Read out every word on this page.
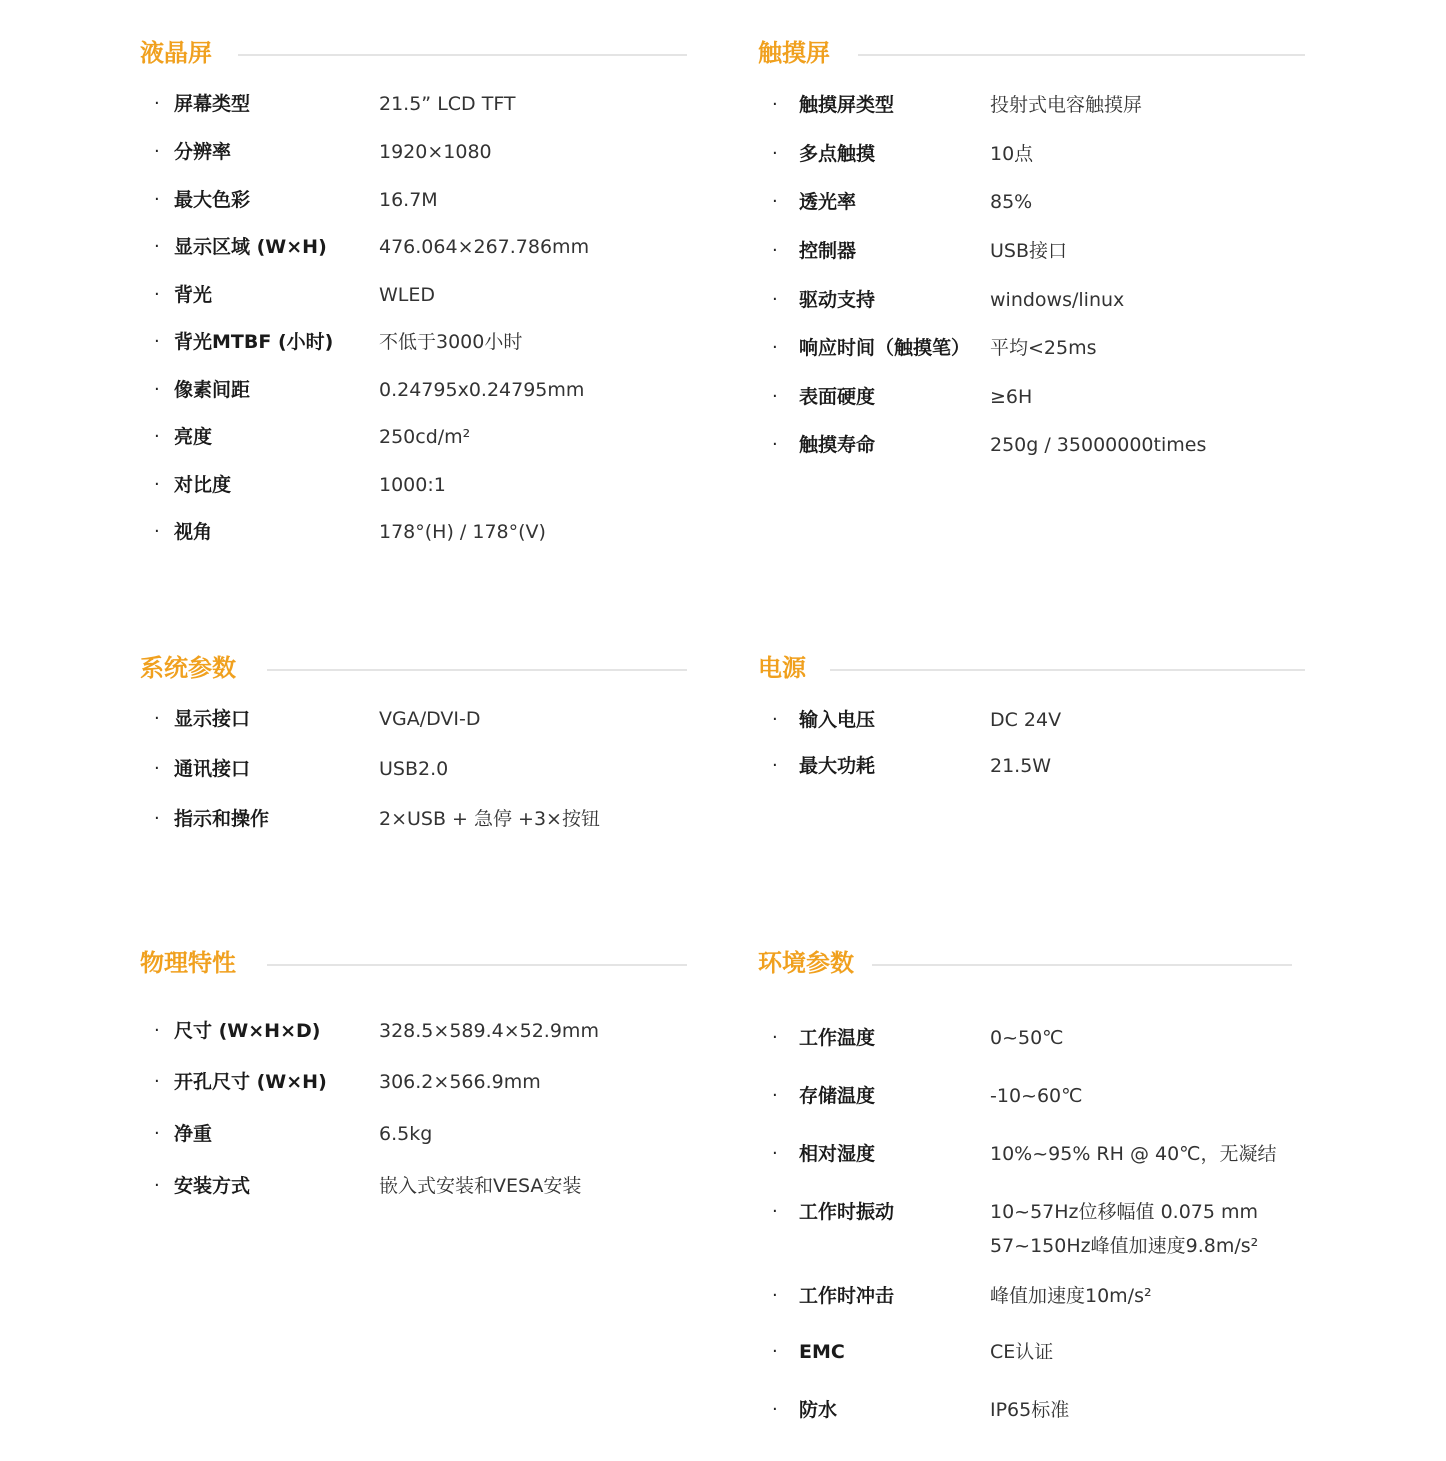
液晶屏
· 屏幕类型	21.5” LCD TFT
· 分辨率	1920×1080
· 最大色彩	16.7M
· 显示区域 (W×H)	476.064×267.786mm
· 背光	WLED
· 背光MTBF (小时) 不低于3000小时
· 像素间距	0.24795x0.24795mm
· 亮度	250cd/m²
· 对比度	1000:1
· 视角	178°(H) / 178°(V)
触摸屏
· 触摸屏类型	投射式电容触摸屏
· 多点触摸	10点
· 透光率	85%
· 控制器	USB接口
· 驱动支持	windows/linux
· 响应时间（触摸笔） 平均<25ms
· 表面硬度	≥6H
· 触摸寿命	250g / 35000000times
系统参数
· 显示接口	VGA/DVI-D
· 通讯接口	USB2.0
· 指示和操作	2×USB + 急停 +3×按钮
电源
· 输入电压	DC 24V
· 最大功耗	21.5W
物理特性
· 尺寸 (W×H×D)	328.5×589.4×52.9mm
· 开孔尺寸 (W×H)	306.2×566.9mm
· 净重	6.5kg
· 安装方式	嵌入式安装和VESA安装
环境参数
· 工作温度	0~50℃
· 存储温度	-10~60℃
· 相对湿度	10%~95% RH @ 40℃，无凝结
· 工作时振动	10~57Hz位移幅值 0.075 mm
57~150Hz峰值加速度9.8m/s²
· 工作时冲击	峰值加速度10m/s²
· EMC	CE认证
· 防水	IP65标准
